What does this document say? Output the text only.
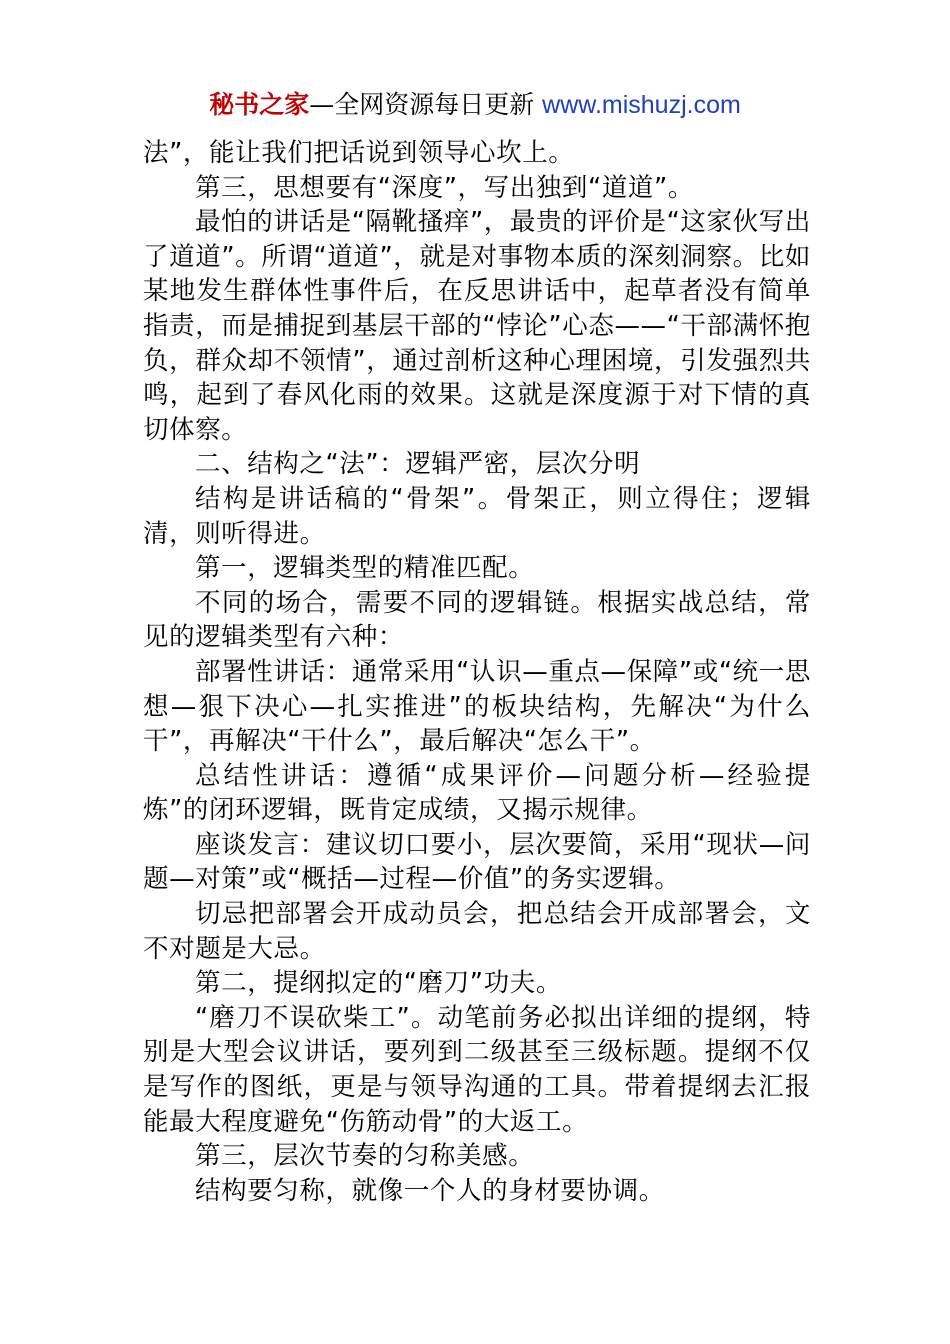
秘书之家—全网资源每日更新 www.mishuzj.com

法”，能让我们把话说到领导心坎上。

第三，思想要有“深度”，写出独到“道道”。

最怕的讲话是“隔靴搔痒”，最贵的评价是“这家伙写出了道道”。所谓“道道”，就是对事物本质的深刻洞察。比如某地发生群体性事件后，在反思讲话中，起草者没有简单指责，而是捕捉到基层干部的“悖论”心态——“干部满怀抱负，群众却不领情”，通过剖析这种心理困境，引发强烈共鸣，起到了春风化雨的效果。这就是深度源于对下情的真切体察。

二、结构之“法”：逻辑严密，层次分明

结构是讲话稿的“骨架”。骨架正，则立得住；逻辑清，则听得进。

第一，逻辑类型的精准匹配。

不同的场合，需要不同的逻辑链。根据实战总结，常见的逻辑类型有六种：

部署性讲话：通常采用“认识—重点—保障”或“统一思想—狠下决心—扎实推进”的板块结构，先解决“为什么干”，再解决“干什么”，最后解决“怎么干”。

总结性讲话：遵循“成果评价—问题分析—经验提炼”的闭环逻辑，既肯定成绩，又揭示规律。

座谈发言：建议切口要小，层次要简，采用“现状—问题—对策”或“概括—过程—价值”的务实逻辑。

切忌把部署会开成动员会，把总结会开成部署会，文不对题是大忌。

第二，提纲拟定的“磨刀”功夫。

“磨刀不误砍柴工”。动笔前务必拟出详细的提纲，特别是大型会议讲话，要列到二级甚至三级标题。提纲不仅是写作的图纸，更是与领导沟通的工具。带着提纲去汇报能最大程度避免“伤筋动骨”的大返工。

第三，层次节奏的匀称美感。

结构要匀称，就像一个人的身材要协调。
